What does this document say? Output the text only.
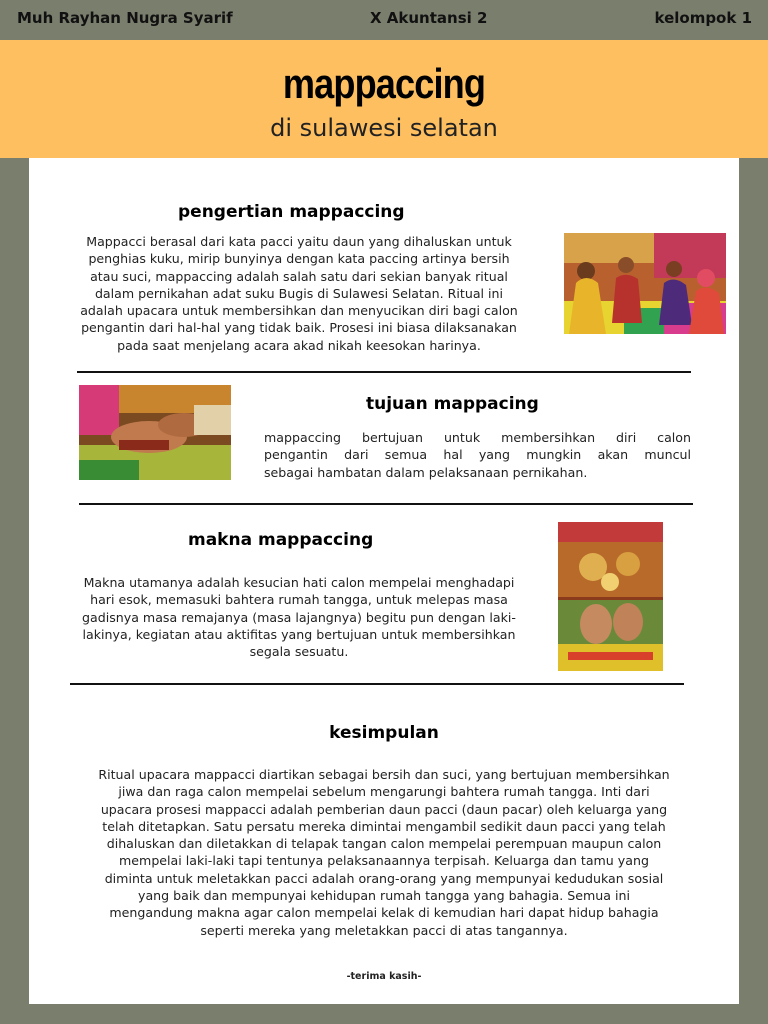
Muh Rayhan Nugra Syarif	X Akuntansi 2	kelompok 1
mappaccing
di sulawesi selatan
pengertian mappaccing
Mappacci berasal dari kata pacci yaitu daun yang dihaluskan untuk
penghias kuku, mirip bunyinya dengan kata paccing artinya bersih
atau suci, mappaccing adalah salah satu dari sekian banyak ritual
dalam pernikahan adat suku Bugis di Sulawesi Selatan. Ritual ini
adalah upacara untuk membersihkan dan menyucikan diri bagi calon
pengantin dari hal-hal yang tidak baik. Prosesi ini biasa dilaksanakan
pada saat menjelang acara akad nikah keesokan harinya.
tujuan mappacing
mappaccing bertujuan untuk membersihkan diri calon
pengantin dari semua hal yang mungkin akan muncul
sebagai hambatan dalam pelaksanaan pernikahan.
makna mappaccing
Makna utamanya adalah kesucian hati calon mempelai menghadapi
hari esok, memasuki bahtera rumah tangga, untuk melepas masa
gadisnya masa remajanya (masa lajangnya) begitu pun dengan laki-
lakinya, kegiatan atau aktifitas yang bertujuan untuk membersihkan
segala sesuatu.
kesimpulan
Ritual upacara mappacci diartikan sebagai bersih dan suci, yang bertujuan membersihkan
jiwa dan raga calon mempelai sebelum mengarungi bahtera rumah tangga. Inti dari
upacara prosesi mappacci adalah pemberian daun pacci (daun pacar) oleh keluarga yang
telah ditetapkan. Satu persatu mereka dimintai mengambil sedikit daun pacci yang telah
dihaluskan dan diletakkan di telapak tangan calon mempelai perempuan maupun calon
mempelai laki-laki tapi tentunya pelaksanaannya terpisah. Keluarga dan tamu yang
diminta untuk meletakkan pacci adalah orang-orang yang mempunyai kedudukan sosial
yang baik dan mempunyai kehidupan rumah tangga yang bahagia. Semua ini
mengandung makna agar calon mempelai kelak di kemudian hari dapat hidup bahagia
seperti mereka yang meletakkan pacci di atas tangannya.
-terima kasih-
